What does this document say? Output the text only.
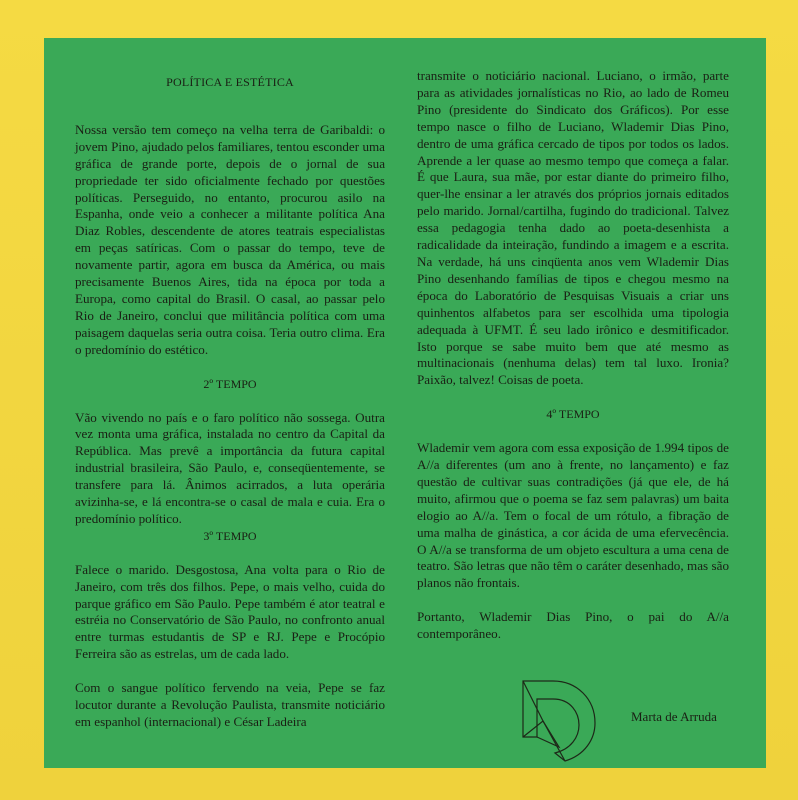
POLÍTICA E ESTÉTICA

Nossa versão tem começo na velha terra de Garibaldi: o jovem Pino, ajudado pelos familiares, tentou esconder uma gráfica de grande porte, depois de o jornal de sua propriedade ter sido oficialmente fechado por questões políticas. Perseguido, no entanto, procurou asilo na Espanha, onde veio a conhecer a militante política Ana Diaz Robles, descendente de atores teatrais especialistas em peças satíricas. Com o passar do tempo, teve de novamente partir, agora em busca da América, ou mais precisamente Buenos Aires, tida na época por toda a Europa, como capital do Brasil. O casal, ao passar pelo Rio de Janeiro, conclui que militância política com uma paisagem daquelas seria outra coisa. Teria outro clima. Era o predomínio do estético.

2º TEMPO

Vão vivendo no país e o faro político não sossega. Outra vez monta uma gráfica, instalada no centro da Capital da República. Mas prevê a importância da futura capital industrial brasileira, São Paulo, e, conseqüentemente, se transfere para lá. Ânimos acirrados, a luta operária avizinha-se, e lá encontra-se o casal de mala e cuia. Era o predomínio político.

3º TEMPO

Falece o marido. Desgostosa, Ana volta para o Rio de Janeiro, com três dos filhos. Pepe, o mais velho, cuida do parque gráfico em São Paulo. Pepe também é ator teatral e estréia no Conservatório de São Paulo, no confronto anual entre turmas estudantis de SP e RJ. Pepe e Procópio Ferreira são as estrelas, um de cada lado.

Com o sangue político fervendo na veia, Pepe se faz locutor durante a Revolução Paulista, transmite noticiário em espanhol (internacional) e César Ladeira

transmite o noticiário nacional. Luciano, o irmão, parte para as atividades jornalísticas no Rio, ao lado de Romeu Pino (presidente do Sindicato dos Gráficos). Por esse tempo nasce o filho de Luciano, Wlademir Dias Pino, dentro de uma gráfica cercado de tipos por todos os lados. Aprende a ler quase ao mesmo tempo que começa a falar. É que Laura, sua mãe, por estar diante do primeiro filho, quer-lhe ensinar a ler através dos próprios jornais editados pelo marido. Jornal/cartilha, fugindo do tradicional. Talvez essa pedagogia tenha dado ao poeta-desenhista a radicalidade da inteiração, fundindo a imagem e a escrita. Na verdade, há uns cinqüenta anos vem Wlademir Dias Pino desenhando famílias de tipos e chegou mesmo na época do Laboratório de Pesquisas Visuais a criar uns quinhentos alfabetos para ser escolhida uma tipologia adequada à UFMT. É seu lado irônico e desmitificador. Isto porque se sabe muito bem que até mesmo as multinacionais (nenhuma delas) tem tal luxo. Ironia? Paixão, talvez! Coisas de poeta.

4º TEMPO

Wlademir vem agora com essa exposição de 1.994 tipos de A//a diferentes (um ano à frente, no lançamento) e faz questão de cultivar suas contradições (já que ele, de há muito, afirmou que o poema se faz sem palavras) um baita elogio ao A//a. Tem o focal de um rótulo, a fibração de uma malha de ginástica, a cor ácida de uma efervecência. O A//a se transforma de um objeto escultura a uma cena de teatro. São letras que não têm o caráter desenhado, mas são planos não frontais.

Portanto, Wlademir Dias Pino, o pai do A//a contemporâneo.

Marta de Arruda
